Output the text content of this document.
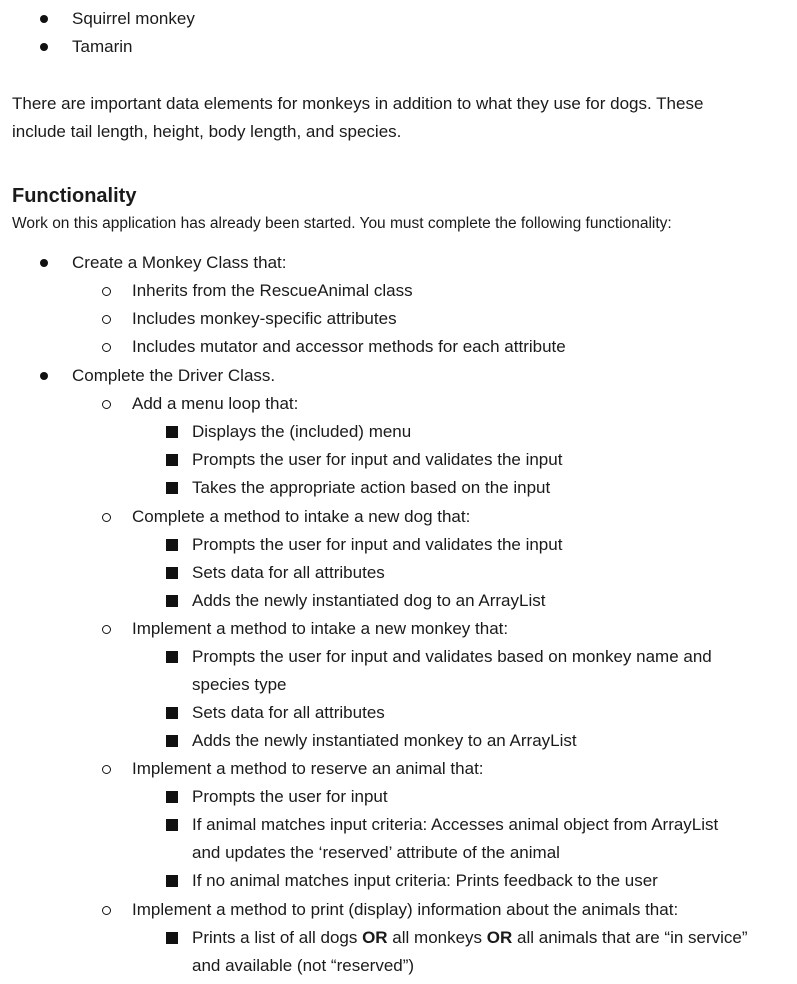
Squirrel monkey
Tamarin
There are important data elements for monkeys in addition to what they use for dogs. These
include tail length, height, body length, and species.
Functionality
Work on this application has already been started. You must complete the following functionality:
Create a Monkey Class that:
Inherits from the RescueAnimal class
Includes monkey-specific attributes
Includes mutator and accessor methods for each attribute
Complete the Driver Class.
Add a menu loop that:
Displays the (included) menu
Prompts the user for input and validates the input
Takes the appropriate action based on the input
Complete a method to intake a new dog that:
Prompts the user for input and validates the input
Sets data for all attributes
Adds the newly instantiated dog to an ArrayList
Implement a method to intake a new monkey that:
Prompts the user for input and validates based on monkey name and
species type
Sets data for all attributes
Adds the newly instantiated monkey to an ArrayList
Implement a method to reserve an animal that:
Prompts the user for input
If animal matches input criteria: Accesses animal object from ArrayList
and updates the ‘reserved’ attribute of the animal
If no animal matches input criteria: Prints feedback to the user
Implement a method to print (display) information about the animals that:
Prints a list of all dogs OR all monkeys OR all animals that are “in service”
and available (not “reserved”)
